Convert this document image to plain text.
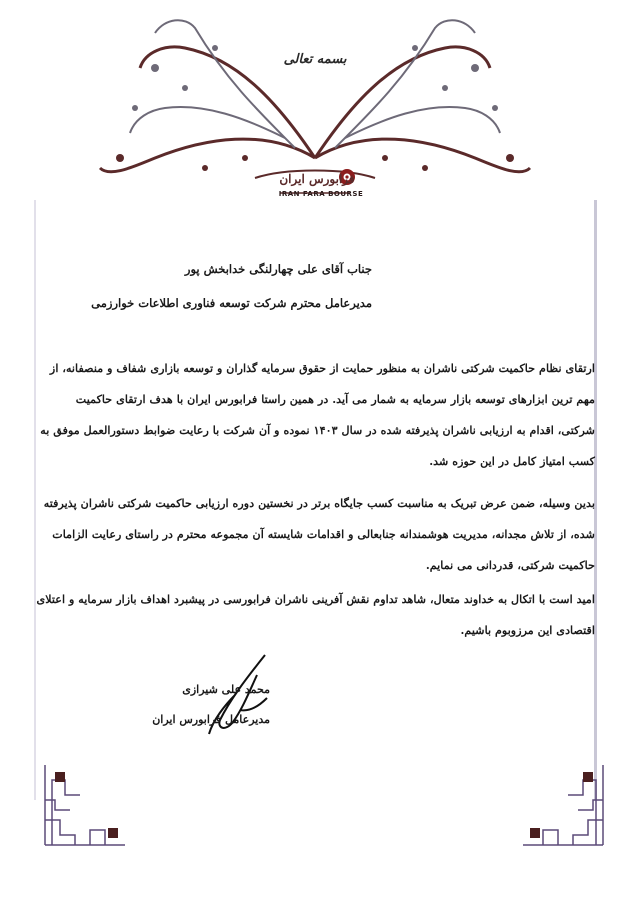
بسمه تعالی
فرابورس ایران
IRAN FARA BOURSE
جناب آقای علی چهارلنگی خدابخش پور
مدیرعامل محترم شرکت توسعه فناوری اطلاعات خوارزمی
ارتقای نظام حاکمیت شرکتی ناشران به منظور حمایت از حقوق سرمایه گذاران و توسعه بازاری شفاف و منصفانه، از مهم ترین ابزارهای توسعه بازار سرمایه به شمار می آید. در همین راستا فرابورس ایران با هدف ارتقای حاکمیت شرکتی، اقدام به ارزیابی ناشران پذیرفته شده در سال ۱۴۰۳ نموده و آن شرکت با رعایت ضوابط دستورالعمل موفق به کسب امتیاز کامل در این حوزه شد.
بدین وسیله، ضمن عرض تبریک به مناسبت کسب جایگاه برتر در نخستین دوره ارزیابی حاکمیت شرکتی ناشران پذیرفته شده، از تلاش مجدانه، مدیریت هوشمندانه جنابعالی و اقدامات شایسته آن مجموعه محترم در راستای رعایت الزامات حاکمیت شرکتی، قدردانی می نمایم.
امید است با اتکال به خداوند متعال، شاهد تداوم نقش آفرینی ناشران فرابورسی در پیشبرد اهداف بازار سرمایه و اعتلای اقتصادی این مرزوبوم باشیم.
محمد علی شیرازی
مدیرعامل فرابورس ایران
